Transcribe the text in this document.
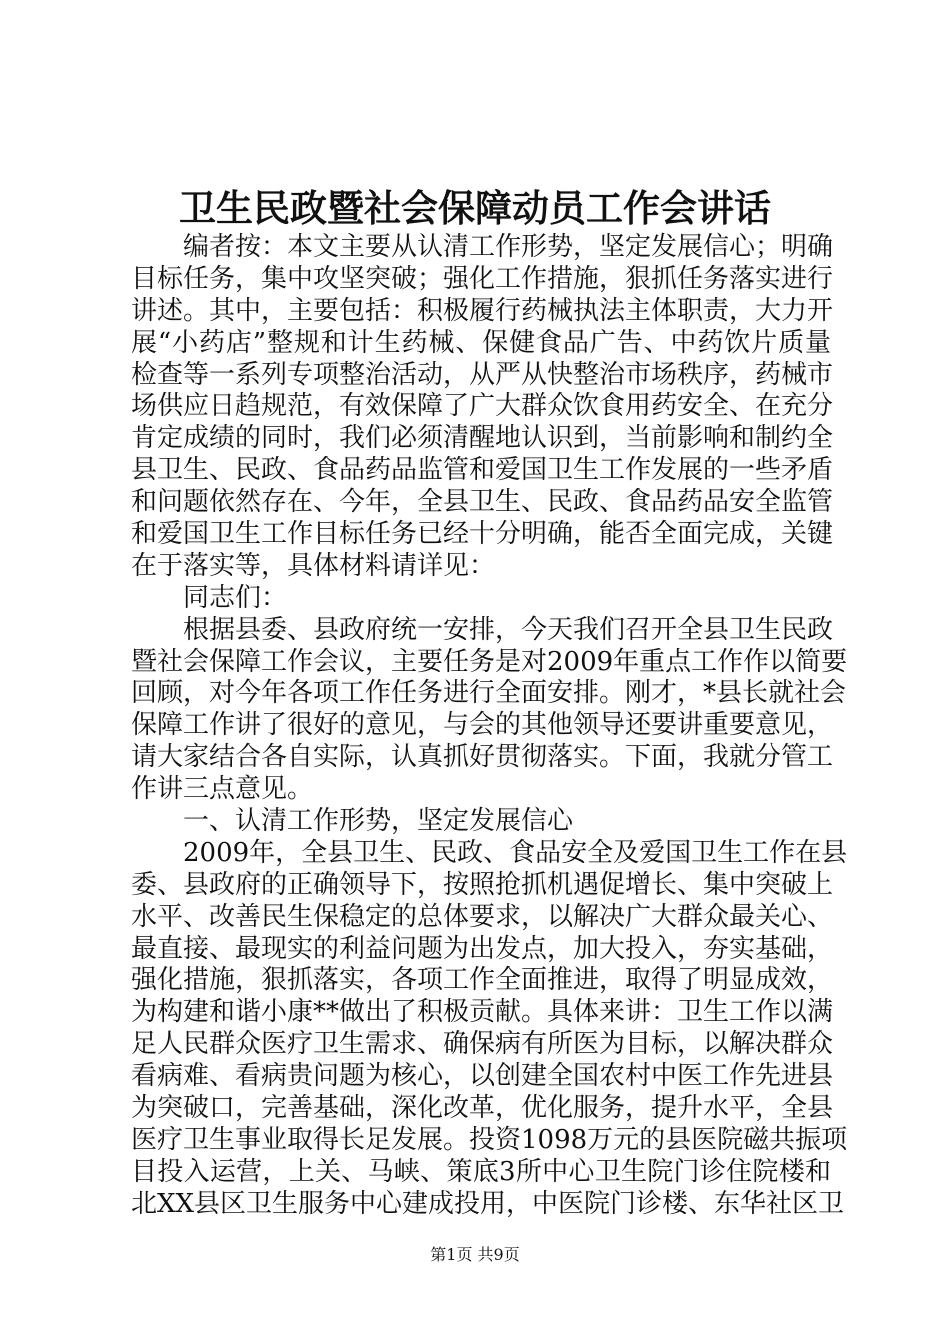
卫生民政暨社会保障动员工作会讲话
　　编者按：本文主要从认清工作形势，坚定发展信心；明确
目标任务，集中攻坚突破；强化工作措施，狠抓任务落实进行
讲述。其中，主要包括：积极履行药械执法主体职责，大力开
展“小药店”整规和计生药械、保健食品广告、中药饮片质量
检查等一系列专项整治活动，从严从快整治市场秩序，药械市
场供应日趋规范，有效保障了广大群众饮食用药安全、在充分
肯定成绩的同时，我们必须清醒地认识到，当前影响和制约全
县卫生、民政、食品药品监管和爱国卫生工作发展的一些矛盾
和问题依然存在、今年，全县卫生、民政、食品药品安全监管
和爱国卫生工作目标任务已经十分明确，能否全面完成，关键
在于落实等，具体材料请详见：
　　同志们：
　　根据县委、县政府统一安排，今天我们召开全县卫生民政
暨社会保障工作会议，主要任务是对2009年重点工作作以简要
回顾，对今年各项工作任务进行全面安排。刚才，*县长就社会
保障工作讲了很好的意见，与会的其他领导还要讲重要意见，
请大家结合各自实际，认真抓好贯彻落实。下面，我就分管工
作讲三点意见。
　　一、认清工作形势，坚定发展信心
　　2009年，全县卫生、民政、食品安全及爱国卫生工作在县
委、县政府的正确领导下，按照抢抓机遇促增长、集中突破上
水平、改善民生保稳定的总体要求，以解决广大群众最关心、
最直接、最现实的利益问题为出发点，加大投入，夯实基础，
强化措施，狠抓落实，各项工作全面推进，取得了明显成效，
为构建和谐小康**做出了积极贡献。具体来讲：卫生工作以满
足人民群众医疗卫生需求、确保病有所医为目标，以解决群众
看病难、看病贵问题为核心，以创建全国农村中医工作先进县
为突破口，完善基础，深化改革，优化服务，提升水平，全县
医疗卫生事业取得长足发展。投资1098万元的县医院磁共振项
目投入运营，上关、马峡、策底3所中心卫生院门诊住院楼和
北XX县区卫生服务中心建成投用，中医院门诊楼、东华社区卫
第1页 共9页
